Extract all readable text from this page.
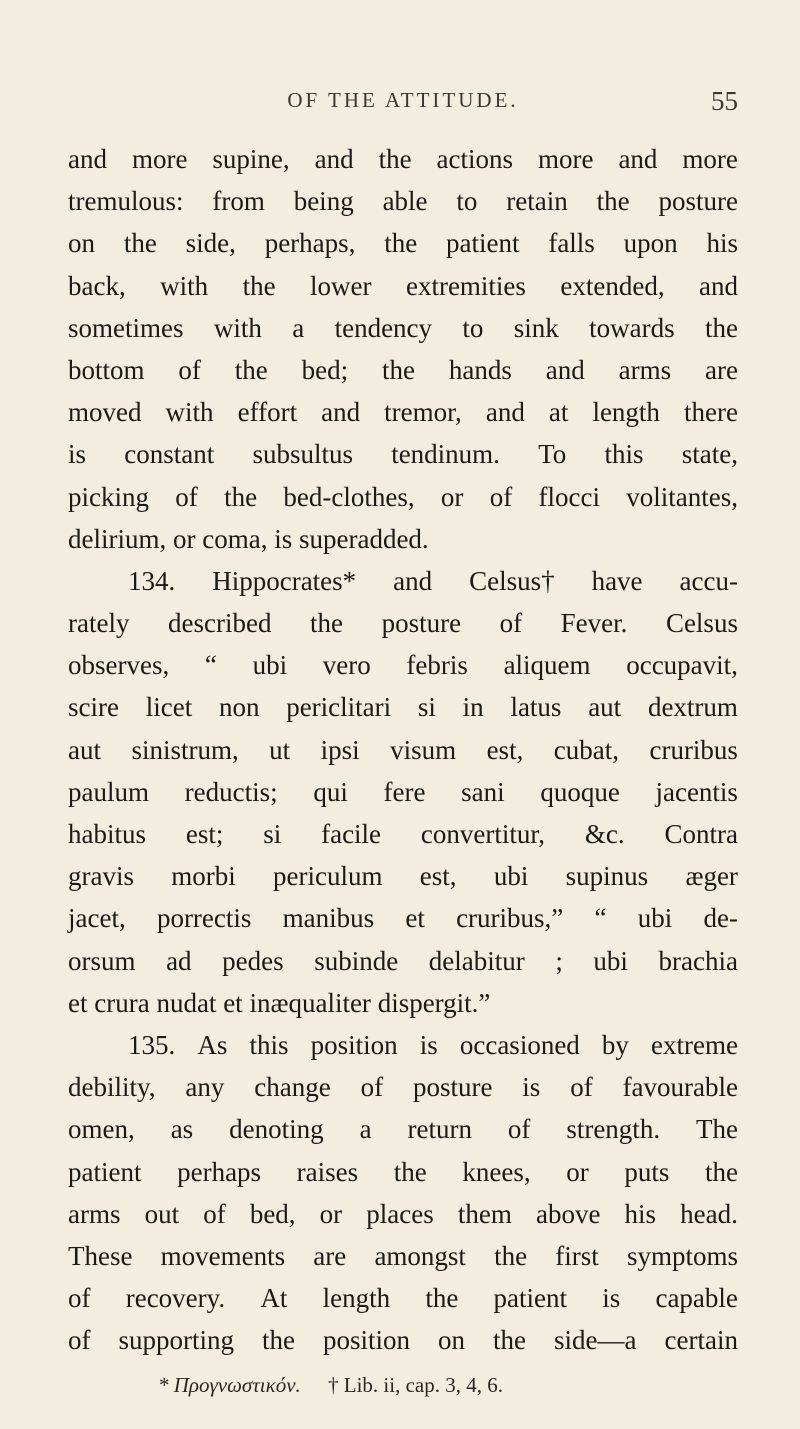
OF THE ATTITUDE.	55
and more supine, and the actions more and more
tremulous: from being able to retain the posture
on the side, perhaps, the patient falls upon his
back, with the lower extremities extended, and
sometimes with a tendency to sink towards the
bottom of the bed; the hands and arms are
moved with effort and tremor, and at length there
is constant subsultus tendinum. To this state,
picking of the bed-clothes, or of flocci volitantes,
delirium,
or
coma,
is
superadded.
134. Hippocrates* and Celsus† have accu-
rately described the posture of Fever. Celsus
observes, “ ubi vero febris aliquem occupavit,
scire licet non periclitari si in latus aut dextrum
aut sinistrum, ut ipsi visum est, cubat, cruribus
paulum reductis; qui fere sani quoque jacentis
habitus est; si facile convertitur, &c. Contra
gravis morbi periculum est, ubi supinus æger
jacet, porrectis manibus et cruribus,” “ ubi de-
orsum ad pedes subinde delabitur ; ubi brachia
et
crura
nudat
et
inæqualiter
dispergit.”
135. As this position is occasioned by extreme
debility, any change of posture is of favourable
omen, as denoting a return of strength. The
patient perhaps raises the knees, or puts the
arms out of bed, or places them above his head.
These movements are amongst the first symptoms
of recovery. At length the patient is capable
of supporting the position on the side—a certain
* Προγνωστικόν. † Lib. ii, cap. 3, 4, 6.
